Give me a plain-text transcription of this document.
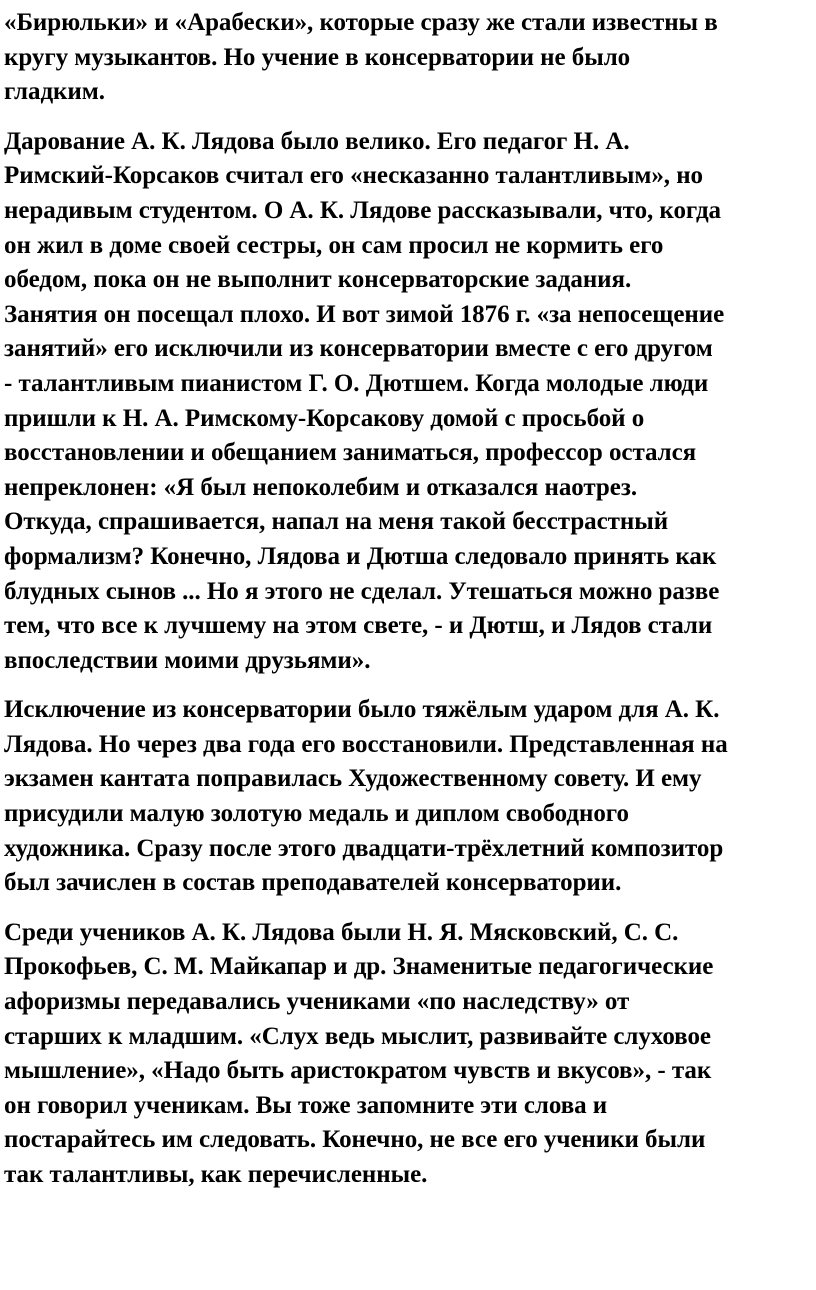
«Бирюльки» и «Арабески», которые сразу же стали известны в
кругу музыкантов. Но учение в консерватории не было
гладким.
Дарование А. К. Лядова было велико. Его педагог Н. А.
Римский-Корсаков считал его «несказанно талантливым», но
нерадивым студентом. О А. К. Лядове рассказывали, что, когда
он жил в доме своей сестры, он сам просил не кормить его
обедом, пока он не выполнит консерваторские задания.
Занятия он посещал плохо. И вот зимой 1876 г. «за непосещение
занятий» его исключили из консерватории вместе с его другом
- талантливым пианистом Г. О. Дютшем. Когда молодые люди
пришли к Н. А. Римскому-Корсакову домой с просьбой о
восстановлении и обещанием заниматься, профессор остался
непреклонен: «Я был непоколебим и отказался наотрез.
Откуда, спрашивается, напал на меня такой бесстрастный
формализм? Конечно, Лядова и Дютша следовало принять как
блудных сынов ... Но я этого не сделал. Утешаться можно разве
тем, что все к лучшему на этом свете, - и Дютш, и Лядов стали
впоследствии моими друзьями».
Исключение из консерватории было тяжёлым ударом для А. К.
Лядова. Но через два года его восстановили. Представленная на
экзамен кантата поправилась Художественному совету. И ему
присудили малую золотую медаль и диплом свободного
художника. Сразу после этого двадцати-трёхлетний композитор
был зачислен в состав преподавателей консерватории.
Среди учеников А. К. Лядова были Н. Я. Мясковский, С. С.
Прокофьев, С. М. Майкапар и др. Знаменитые педагогические
афоризмы передавались учениками «по наследству» от
старших к младшим. «Слух ведь мыслит, развивайте слуховое
мышление», «Надо быть аристократом чувств и вкусов», - так
он говорил ученикам. Вы тоже запомните эти слова и
постарайтесь им следовать. Конечно, не все его ученики были
так талантливы, как перечисленные.
